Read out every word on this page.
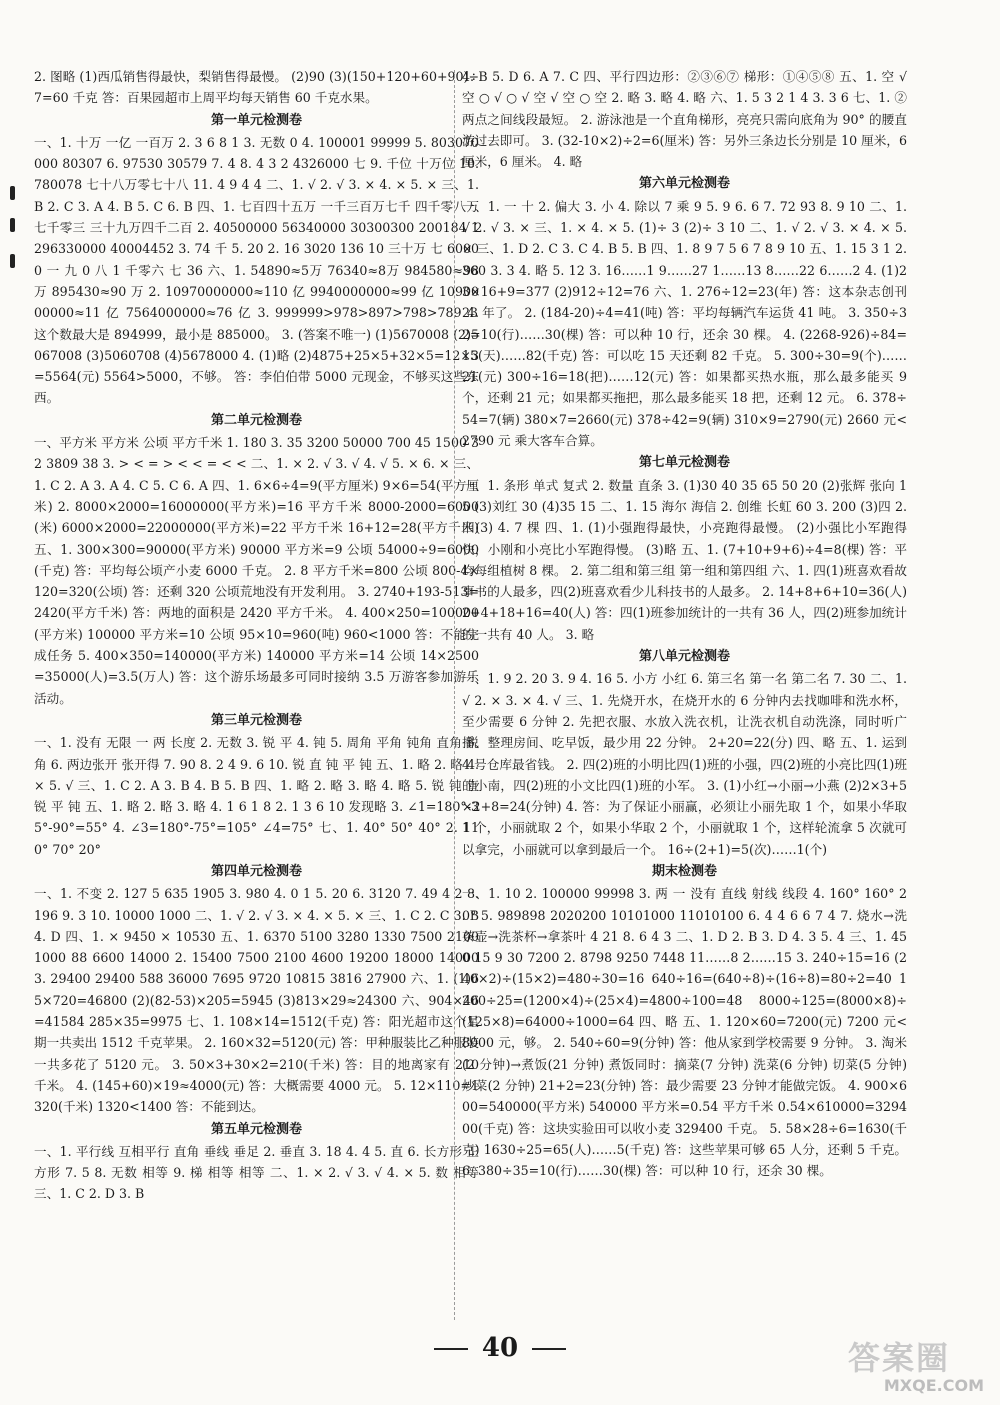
2. 图略 (1)西瓜销售得最快，梨销售得最慢。 (2)90 (3)(150+120+60+90)÷7=60 千克 答：百果园超市上周平均每天销售 60 千克水果。
第一单元检测卷
一、1. 十万 一亿 一百万 2. 3 6 8 1 3. 无数 0 4. 100001 99999 5. 803070000 80307 6. 97530 30579 7. 4 8. 4 3 2 4326000 七 9. 千位 十万位 10. 780078 七十八万零七十八 11. 4 9 4 4 二、1. √ 2. √ 3. × 4. × 5. × 三、1. B 2. C 3. A 4. B 5. C 6. B 四、1. 七百四十五万 一千三百万七千 四千零八万七千零三 三十九万四千二百 2. 40500000 56340000 30300300 200184 1296330000 40004452 3. 74 千 5. 20 2. 16 3020 136 10 三十万 七 60000 一 九 0 八 1 千零六 七 36 六、1. 54890≈5万 76340≈8万 984580≈98 万 895430≈90 万 2. 10970000000≈110 亿 9940000000≈99 亿 1090000000≈11 亿 7564000000≈76 亿 3. 999999>978>897>798>789 4. 这个数最大是 894999，最小是 885000。 3. (答案不唯一) (1)5670008 (2)5067008 (3)5060708 (4)5678000 4. (1)略 (2)4875+25×5+32×5=12×3=5564(元) 5564>5000，不够。 答：李伯伯带 5000 元现金，不够买这些东西。
第二单元检测卷
一、平方米 平方米 公顷 平方千米 1. 180 3. 35 3200 50000 700 45 1500 32 3809 38 3. > < = > < < = < < 二、1. × 2. √ 3. √ 4. √ 5. × 6. × 三、1. C 2. A 3. A 4. C 5. C 6. A 四、1. 6×6÷4=9(平方厘米) 9×6=54(平方厘米) 2. 8000×2000=16000000(平方米)=16 平方千米 8000-2000=6000(米) 6000×2000=22000000(平方米)=22 平方千米 16+12=28(平方千米) 五、1. 300×300=90000(平方米) 90000 平方米=9 公顷 54000÷9=6000(千克) 答：平均每公顷产小麦 6000 千克。 2. 8 平方千米=800 公顷 800-4×120=320(公顷) 答：还剩 320 公顷荒地没有开发利用。 3. 2740+193-513=2420(平方千米) 答：两地的面积是 2420 平方千米。 4. 400×250=100000(平方米) 100000 平方米=10 公顷 95×10=960(吨) 960<1000 答：不能完成任务 5. 400×350=140000(平方米) 140000 平方米=14 公顷 14×2500=35000(人)=3.5(万人) 答：这个游乐场最多可同时接纳 3.5 万游客参加游乐活动。
第三单元检测卷
一、1. 没有 无限 一 两 长度 2. 无数 3. 锐 平 4. 钝 5. 周角 平角 钝角 直角 锐角 6. 两边张开 张开得 7. 90 8. 2 4 9. 6 10. 锐 直 钝 平 钝 五、1. 略 2. 略 4. × 5. √ 三、1. C 2. A 3. B 4. B 5. B 四、1. 略 2. 略 3. 略 4. 略 5. 锐 钝 直 锐 平 钝 五、1. 略 2. 略 3. 略 4. 1 6 1 8 2. 1 3 6 10 发现略 3. ∠1=180°-35°-90°=55° 4. ∠3=180°-75°=105° ∠4=75° 七、1. 40° 50° 40° 2. 110° 70° 20°
第四单元检测卷
一、1. 不变 2. 127 5 635 1905 3. 980 4. 0 1 5. 20 6. 3120 7. 49 4 2 8. 196 9. 3 10. 10000 1000 二、1. √ 2. √ 3. × 4. × 5. × 三、1. C 2. C 3. B 4. D 四、1. × 9450 × 10530 五、1. 6370 5100 3280 1330 7500 2100 1000 88 6600 14000 2. 15400 7500 2100 4600 19200 18000 14000 3. 29400 29400 588 36000 7695 9720 10815 3816 27900 六、1. (1)65×720=46800 (2)(82-53)×205=5945 (3)813×29≈24300 六、904×46=41584 285×35=9975 七、1. 108×14=1512(千克) 答：阳光超市这个星期一共卖出 1512 千克苹果。 2. 160×32=5120(元) 答：甲种服装比乙种服装一共多花了 5120 元。 3. 50×3+30×2=210(千米) 答：目的地离家有 210 千米。 4. (145+60)×19≈4000(元) 答：大概需要 4000 元。 5. 12×110=1320(千米) 1320<1400 答：不能到达。
第五单元检测卷
一、1. 平行线 互相平行 直角 垂线 垂足 2. 垂直 3. 18 4. 4 5. 直 6. 长方形 正方形 7. 5 8. 无数 相等 9. 梯 相等 相等 二、1. × 2. √ 3. √ 4. × 5. 数 相等 三、1. C 2. D 3. B
4. B 5. D 6. A 7. C 四、平行四边形：②③⑥⑦ 梯形：①④⑤⑧ 五、1. 空 √ 空 ○ √ ○ √ 空 √ 空 ○ 空 2. 略 3. 略 4. 略 六、1. 5 3 2 1 4 3. 3 6 七、1. ② 两点之间线段最短。 2. 游泳池是一个直角梯形，亮亮只需向底角为 90° 的腰直游过去即可。 3. (32-10×2)÷2=6(厘米) 答：另外三条边长分别是 10 厘米，6 厘米，6 厘米。 4. 略
第六单元检测卷
一、1. 一 十 2. 偏大 3. 小 4. 除以 7 乘 9 5. 9 6. 6 7. 72 93 8. 9 10 二、1. √ 2. √ 3. × 三、1. × 4. × 5. (1)÷ 3 (2)÷ 3 10 二、1. √ 2. √ 3. × 4. × 5. × 三、1. D 2. C 3. C 4. B 5. B 四、1. 8 9 7 5 6 7 8 9 10 五、1. 15 3 1 2. 360 3. 3 4. 略 5. 12 3. 16……1 9……27 1……13 8……22 6……2 4. (1)23×16+9=377 (2)912÷12=76 六、1. 276÷12=23(年) 答：这本杂志创刊 23 年了。 2. (184-20)÷4=41(吨) 答：平均每辆汽车运货 41 吨。 3. 350÷32=10(行)……30(棵) 答：可以种 10 行，还余 30 棵。 4. (2268-926)÷84=15(天)……82(千克) 答：可以吃 15 天还剩 82 千克。 5. 300÷30=9(个)……21(元) 300÷16=18(把)……12(元) 答：如果都买热水瓶，那么最多能买 9 个，还剩 21 元；如果都买拖把，那么最多能买 18 把，还剩 12 元。 6. 378÷54=7(辆) 380×7=2660(元) 378÷42=9(辆) 310×9=2790(元) 2660 元<2790 元 乘大客车合算。
第七单元检测卷
一、1. 条形 单式 复式 2. 数量 直条 3. (1)30 40 35 65 50 20 (2)张辉 张向 15 (3)刘红 30 (4)35 15 二、1. 15 海尔 海信 2. 创维 长虹 60 3. 200 (3)四 2. 四(3) 4. 7 棵 四、1. (1)小强跑得最快，小亮跑得最慢。 (2)小强比小军跑得快，小刚和小亮比小军跑得慢。 (3)略 五、1. (7+10+9+6)÷4=8(棵) 答：平均每组植树 8 棵。 2. 第二组和第三组 第一组和第四组 六、1. 四(1)班喜欢看故事书的人最多，四(2)班喜欢看少儿科技书的人最多。 2. 14+8+6+10=36(人) 2+4+18+16=40(人) 答：四(1)班参加统计的一共有 36 人，四(2)班参加统计的一共有 40 人。 3. 略
第八单元检测卷
一、1. 9 2. 20 3. 9 4. 16 5. 小方 小红 6. 第三名 第一名 第二名 7. 30 二、1. √ 2. × 3. × 4. √ 三、1. 先烧开水，在烧开水的 6 分钟内去找咖啡和洗水杯，至少需要 6 分钟 2. 先把衣服、水放入洗衣机，让洗衣机自动洗涤，同时听广播、整理房间、吃早饭，最少用 22 分钟。 2+20=22(分) 四、略 五、1. 运到 4 号仓库最省钱。 2. 四(2)班的小明比四(1)班的小强，四(2)班的小亮比四(1)班的小南，四(2)班的小文比四(1)班的小军。 3. (1)小红→小丽→小燕 (2)2×3+5×2+8=24(分钟) 4. 答：为了保证小丽赢，必须让小丽先取 1 个，如果小华取 1 个，小丽就取 2 个，如果小华取 2 个，小丽就取 1 个，这样轮流拿 5 次就可以拿完，小丽就可以拿到最后一个。 16÷(2+1)=5(次)……1(个)
期末检测卷
一、1. 10 2. 100000 99998 3. 两 一 没有 直线 射线 线段 4. 160° 160° 20° 5. 989898 2020200 10101000 11010100 6. 4 4 6 6 7 4 7. 烧水→洗茶壶→洗茶杯→拿茶叶 4 21 8. 6 4 3 二、1. D 2. B 3. D 4. 3 5. 4 三、1. 450 15 9 30 7200 2. 8798 9250 7448 11……8 2……15 3. 240÷15=16 (240×2)÷(15×2)=480÷30=16 640÷16=(640÷8)÷(16÷8)=80÷2=40 1200÷25=(1200×4)÷(25×4)=4800÷100=48 8000÷125=(8000×8)÷(125×8)=64000÷1000=64 四、略 五、1. 120×60=7200(元) 7200 元<8000 元，够。 2. 540÷60=9(分钟) 答：他从家到学校需要 9 分钟。 3. 淘米(2 分钟)→煮饭(21 分钟) 煮饭同时：摘菜(7 分钟) 洗菜(6 分钟) 切菜(5 分钟) 炒菜(2 分钟) 21+2=23(分钟) 答：最少需要 23 分钟才能做完饭。 4. 900×600=540000(平方米) 540000 平方米=0.54 平方千米 0.54×610000=329400(千克) 答：这块实验田可以收小麦 329400 千克。 5. 58×28÷6=1630(千克) 1630÷25=65(人)……5(千克) 答：这些苹果可够 65 人分，还剩 5 千克。 6. 380÷35=10(行)……30(棵) 答：可以种 10 行，还余 30 棵。
40	答案圈
MXQE.COM
